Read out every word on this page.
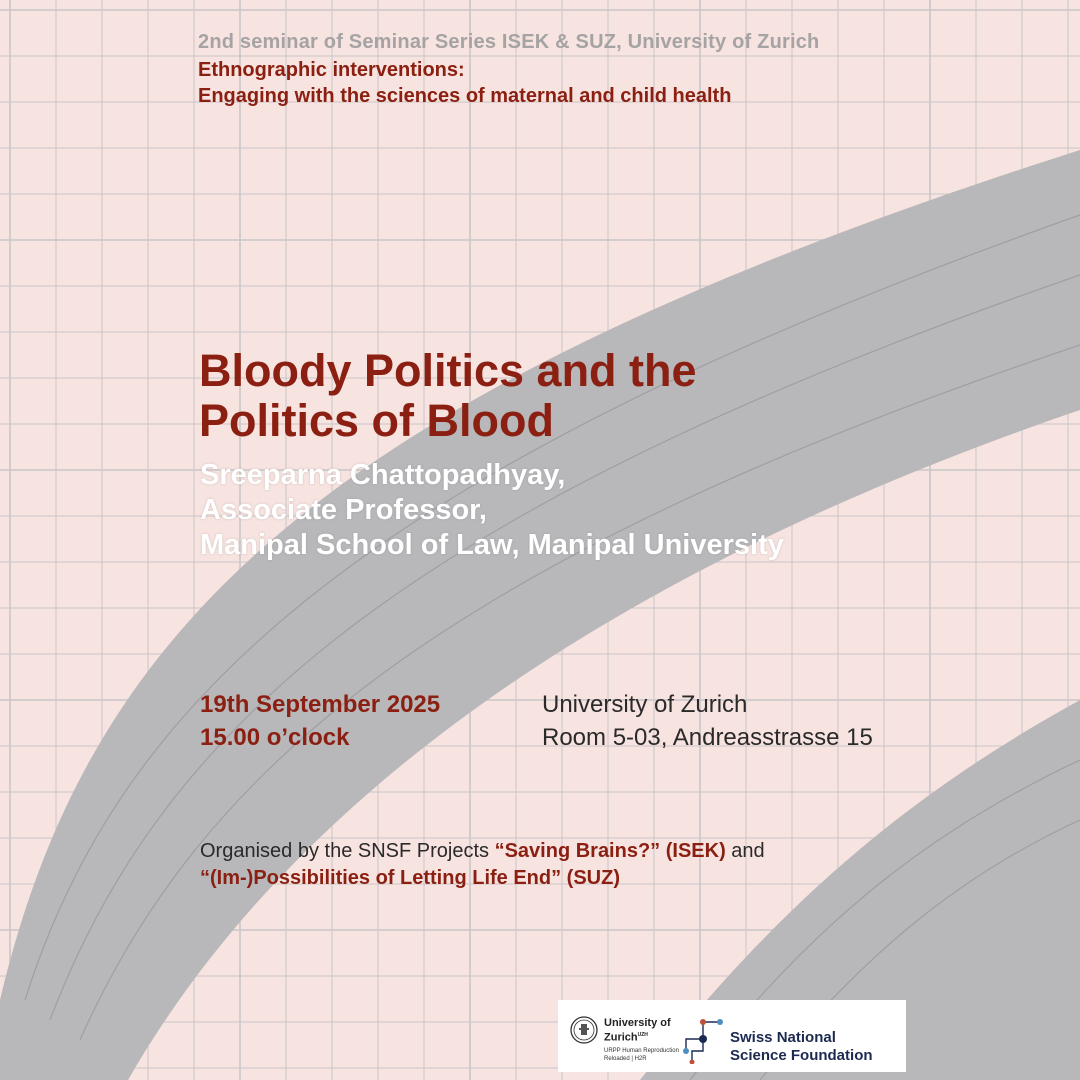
2nd seminar of Seminar Series ISEK & SUZ, University of Zurich

Ethnographic interventions:
Engaging with the sciences of maternal and child health
Bloody Politics and the
Politics of Blood
Sreeparna Chattopadhyay,
Associate Professor,
Manipal School of Law, Manipal University
19th September 2025
15.00 o’clock
University of Zurich
Room 5-03, Andreasstrasse 15
Organised by the SNSF Projects “Saving Brains?” (ISEK) and
“(Im-)Possibilities of Letting Life End” (SUZ)
University of
Zurich$^{UZH}$
URPP Human Reproduction
Reloaded | H2R
Swiss National
Science Foundation
